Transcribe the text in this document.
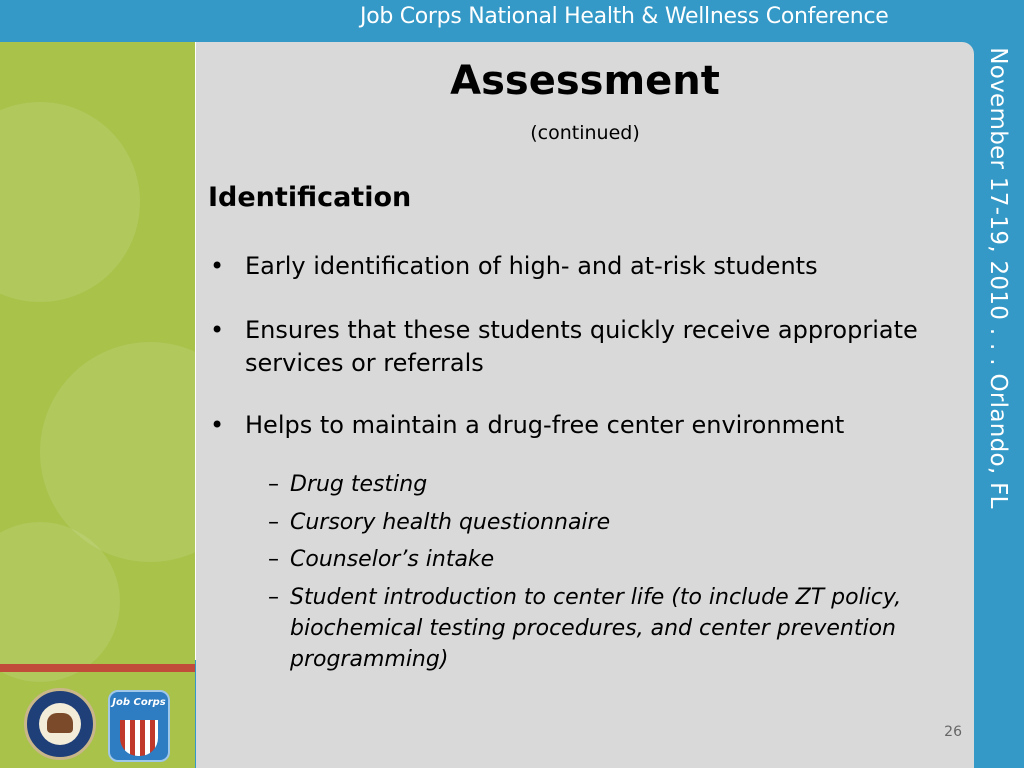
Job Corps National Health & Wellness Conference
November 17-19, 2010 . . . Orlando, FL
Assessment
(continued)
Identification
• Early identification of high- and at-risk students
• Ensures that these students quickly receive appropriate services or referrals
• Helps to maintain a drug-free center environment
– Drug testing
– Cursory health questionnaire
– Counselor’s intake
– Student introduction to center life (to include ZT policy, biochemical testing procedures, and center prevention programming)
26
Job Corps
